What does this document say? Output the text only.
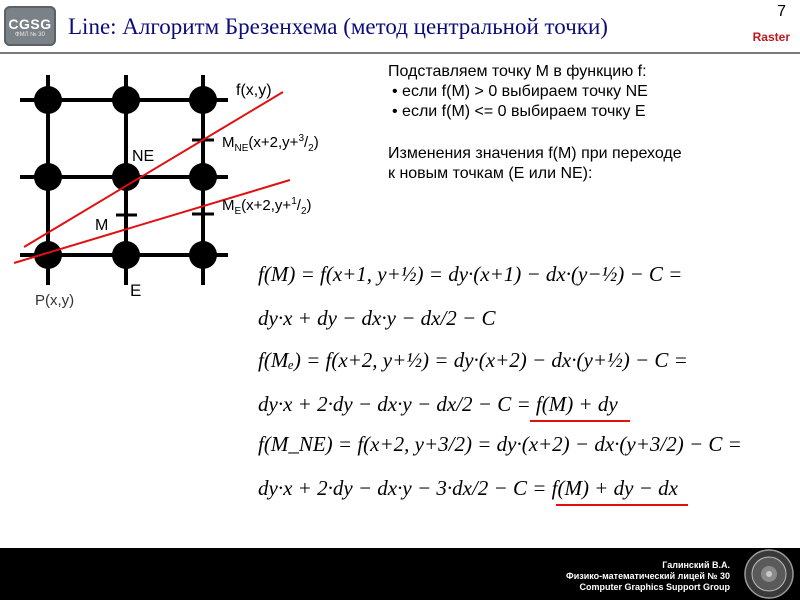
CGSG
ФМЛ № 30	Line: Алгоритм Брезенхема (метод центральной точки)
7
Raster
f(x,y)
NE
M
E
P(x,y)
$M_{NE}(x+2,y+^3/_2)$
$M_E(x+2,y+^1/_2)$
Подставляем точку M в функцию f:
• если f(M) > 0 выбираем точку NE
• если f(M) <= 0 выбираем точку E
Изменения значения f(M) при переходе
к новым точкам (E или NE):
f(M) = f(x+1, y+½) = dy·(x+1) − dx·(y−½) − C =
dy·x + dy − dx·y − dx/2 − C
f(Mₑ) = f(x+2, y+½) = dy·(x+2) − dx·(y+½) − C =
dy·x + 2·dy − dx·y − dx/2 − C = f(M) + dy
f(M_NE) = f(x+2, y+3/2) = dy·(x+2) − dx·(y+3/2) − C =
dy·x + 2·dy − dx·y − 3·dx/2 − C = f(M) + dy − dx
Галинский В.А.
Физико-математический лицей № 30
Computer Graphics Support Group
